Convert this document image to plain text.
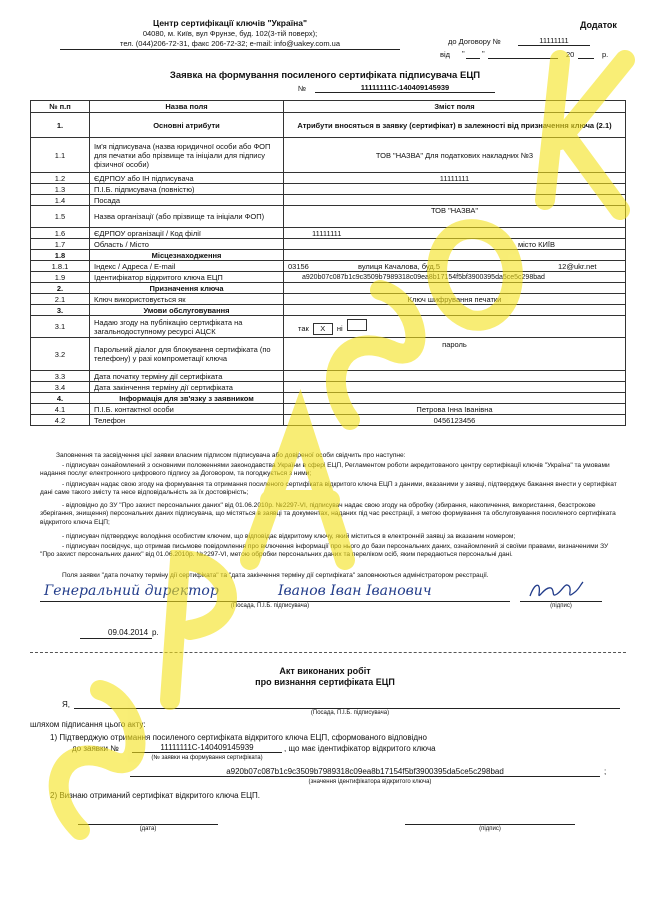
Центр сертифікації ключів "Україна"
04080, м. Київ, вул Фрунзе, буд. 102(3-тій поверх);
тел. (044)206-72-31, факс 206-72-32; e-mail: info@uakey.com.ua
Додаток
до Договору №	11111111
від " "	20	р.
Заявка на формування посиленого сертифіката підписувача ЕЦП
№	11111111С-140409145939
№ п.п	Назва поля	Зміст поля
1.	Основні атрибути	Атрибути вносяться в заявку (сертифікат) в залежності від призначення ключа (2.1)
1.1	Ім'я підписувача (назва юридичної особи або ФОП для печатки або прізвище та ініціали для підпису фізичної особи)	ТОВ "НАЗВА" Для податкових накладних №3
1.2	ЄДРПОУ або ІН підписувача	11111111
1.3	П.І.Б. підписувача (повністю)	
1.4	Посада	
1.5	Назва організації (або прізвище та ініціали ФОП)	ТОВ "НАЗВА"
1.6	ЄДРПОУ організації / Код філії	11111111
1.7	Область / Місто	місто КИЇВ
1.8	Місцезнаходження	
1.8.1	Індекс / Адреса / E-mail	03156 вулиця Качалова, буд.5 12@ukr.net
1.9	Ідентифікатор відкритого ключа ЕЦП	a920b07c087b1c9c3509b7989318c09ea8b17154f5bf3900395da5ce5c298bad
2.	Призначення ключа	
2.1	Ключ використовується як	Ключ шифрування печатки
3.	Умови обслуговування	
3.1	Надаю згоду на публікацію сертифіката на загальнодоступному ресурсі АЦСК	так X ні
3.2	Парольний діалог для блокування сертифіката (по телефону) у разі компрометації ключа	пароль
3.3	Дата початку терміну дії сертифіката	
3.4	Дата закінчення терміну дії сертифіката	
4.	Інформація для зв'язку з заявником	
4.1	П.І.Б. контактної особи	Петрова Інна Іванівна
4.2	Телефон	0456123456
Заповнення та засвідчення цієї заявки власним підписом підписувача або довіреної особи свідчить про наступне:
- підписувач ознайомлений з основними положеннями законодавства України в сфері ЕЦП, Регламентом роботи акредитованого центру сертифікації ключів "Україна" та умовами надання послуг електронного цифрового підпису за Договором, та погоджується з ними;
- підписувач надає свою згоду на формування та отримання посиленого сертифіката відкритого ключа ЕЦП з даними, вказаними у заявці, підтверджує бажання внести у сертифікат дані саме такого змісту та несе відповідальність за їх достовірність;
- відповідно до ЗУ "Про захист персональних даних" від 01.06.2010р. №2297-VI, підписувач надає свою згоду на обробку (збирання, накопичення, використання, безстрокове зберігання, знищення) персональних даних підписувача, що містяться в заявці та документах, наданих під час реєстрації, з метою формування та обслуговування посиленого сертифіката відкритого ключа ЕЦП;
- підписувач підтверджує володіння особистим ключем, що відповідає відкритому ключу, який міститься в електронній заявці за вказаним номером;
- підписувач посвідчує, що отримав письмове повідомлення про включення інформації про нього до бази персональних даних, ознайомлений зі своїми правами, визначеними ЗУ "Про захист персональних даних" від 01.06.2010р. №2297-VI, метою обробки персональних даних та переліком осіб, яким передаються персональні дані.
Поля заявки "дата початку терміну дії сертифіката" та "дата закінчення терміну дії сертифіката" заповнюються адміністратором реєстрації.
Генеральний директор	Іванов Іван Іванович
(Посада, П.І.Б. підписувача)	(підпис)
09.04.2014 р.
Акт виконаних робіт
про визнання сертифіката ЕЦП
Я,
(Посада, П.І.Б. підписувача)
шляхом підписання цього акту:
1) Підтверджую отримання посиленого сертифіката відкритого ключа ЕЦП, сформованого відповідно
до заявки №	11111111С-140409145939	, що має ідентифікатор відкритого ключа
(№ заявки на формування сертифіката)
a920b07c087b1c9c3509b7989318c09ea8b17154f5bf3900395da5ce5c298bad	;
(значення ідентифікатора відкритого ключа)
2) Визнаю отриманий сертифікат відкритого ключа ЕЦП.
(дата)	(підпис)
